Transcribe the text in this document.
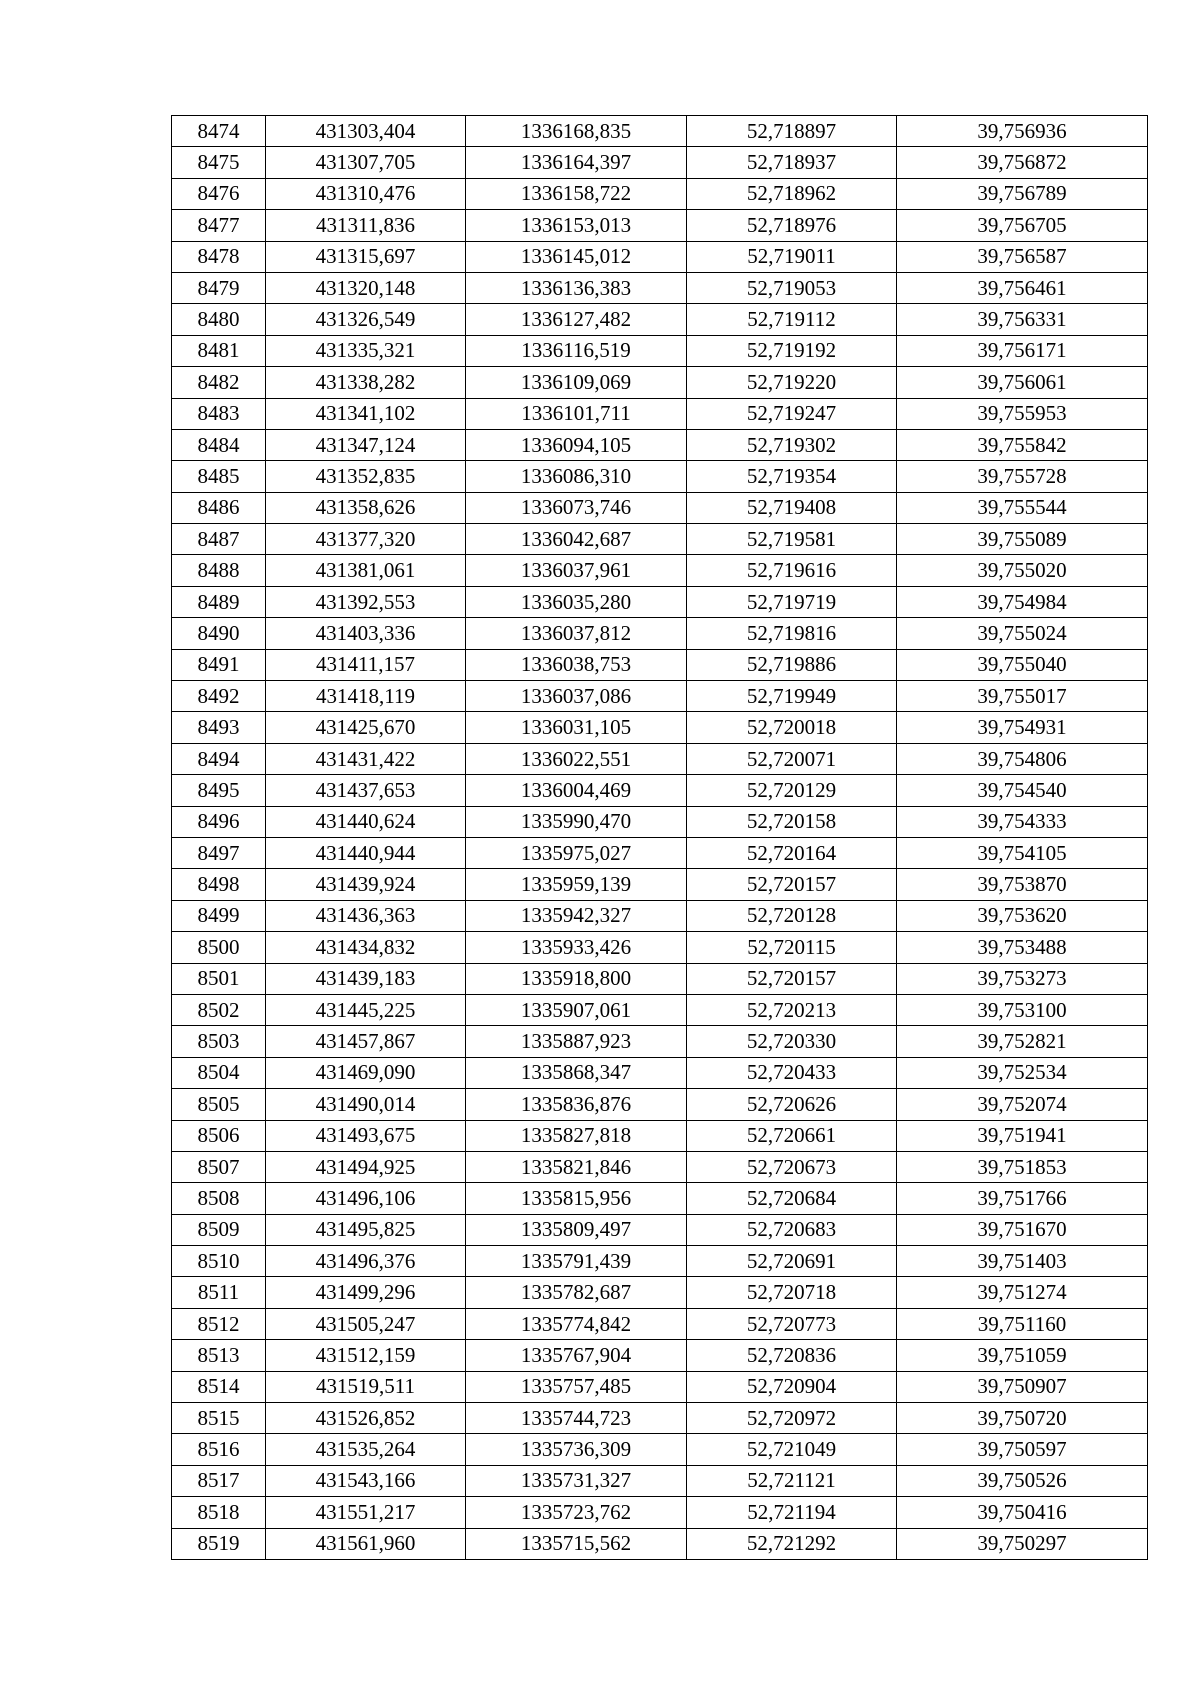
8474	431303,404	1336168,835	52,718897	39,756936
8475	431307,705	1336164,397	52,718937	39,756872
8476	431310,476	1336158,722	52,718962	39,756789
8477	431311,836	1336153,013	52,718976	39,756705
8478	431315,697	1336145,012	52,719011	39,756587
8479	431320,148	1336136,383	52,719053	39,756461
8480	431326,549	1336127,482	52,719112	39,756331
8481	431335,321	1336116,519	52,719192	39,756171
8482	431338,282	1336109,069	52,719220	39,756061
8483	431341,102	1336101,711	52,719247	39,755953
8484	431347,124	1336094,105	52,719302	39,755842
8485	431352,835	1336086,310	52,719354	39,755728
8486	431358,626	1336073,746	52,719408	39,755544
8487	431377,320	1336042,687	52,719581	39,755089
8488	431381,061	1336037,961	52,719616	39,755020
8489	431392,553	1336035,280	52,719719	39,754984
8490	431403,336	1336037,812	52,719816	39,755024
8491	431411,157	1336038,753	52,719886	39,755040
8492	431418,119	1336037,086	52,719949	39,755017
8493	431425,670	1336031,105	52,720018	39,754931
8494	431431,422	1336022,551	52,720071	39,754806
8495	431437,653	1336004,469	52,720129	39,754540
8496	431440,624	1335990,470	52,720158	39,754333
8497	431440,944	1335975,027	52,720164	39,754105
8498	431439,924	1335959,139	52,720157	39,753870
8499	431436,363	1335942,327	52,720128	39,753620
8500	431434,832	1335933,426	52,720115	39,753488
8501	431439,183	1335918,800	52,720157	39,753273
8502	431445,225	1335907,061	52,720213	39,753100
8503	431457,867	1335887,923	52,720330	39,752821
8504	431469,090	1335868,347	52,720433	39,752534
8505	431490,014	1335836,876	52,720626	39,752074
8506	431493,675	1335827,818	52,720661	39,751941
8507	431494,925	1335821,846	52,720673	39,751853
8508	431496,106	1335815,956	52,720684	39,751766
8509	431495,825	1335809,497	52,720683	39,751670
8510	431496,376	1335791,439	52,720691	39,751403
8511	431499,296	1335782,687	52,720718	39,751274
8512	431505,247	1335774,842	52,720773	39,751160
8513	431512,159	1335767,904	52,720836	39,751059
8514	431519,511	1335757,485	52,720904	39,750907
8515	431526,852	1335744,723	52,720972	39,750720
8516	431535,264	1335736,309	52,721049	39,750597
8517	431543,166	1335731,327	52,721121	39,750526
8518	431551,217	1335723,762	52,721194	39,750416
8519	431561,960	1335715,562	52,721292	39,750297
